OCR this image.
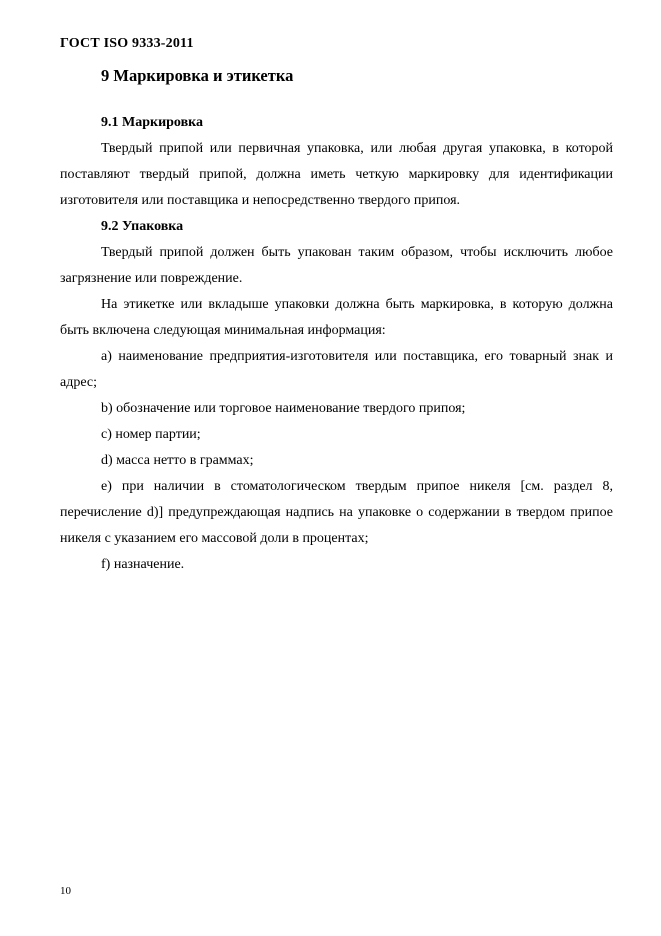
ГОСТ ISO 9333-2011
9 Маркировка и этикетка

9.1 Маркировка

Твердый припой или первичная упаковка, или любая другая упаковка, в которой поставляют твердый припой, должна иметь четкую маркировку для идентификации изготовителя или поставщика и непосредственно твердого припоя.

9.2 Упаковка

Твердый припой должен быть упакован таким образом, чтобы исключить любое загрязнение или повреждение.

На этикетке или вкладыше упаковки должна быть маркировка, в которую должна быть включена следующая минимальная информация:

a) наименование предприятия-изготовителя или поставщика, его товарный знак и адрес;

b) обозначение или торговое наименование твердого припоя;

c) номер партии;

d) масса нетто в граммах;

e) при наличии в стоматологическом твердым припое никеля [см. раздел 8, перечисление d)] предупреждающая надпись на упаковке о содержании в твердом припое никеля с указанием его массовой доли в процентах;

f) назначение.

10
